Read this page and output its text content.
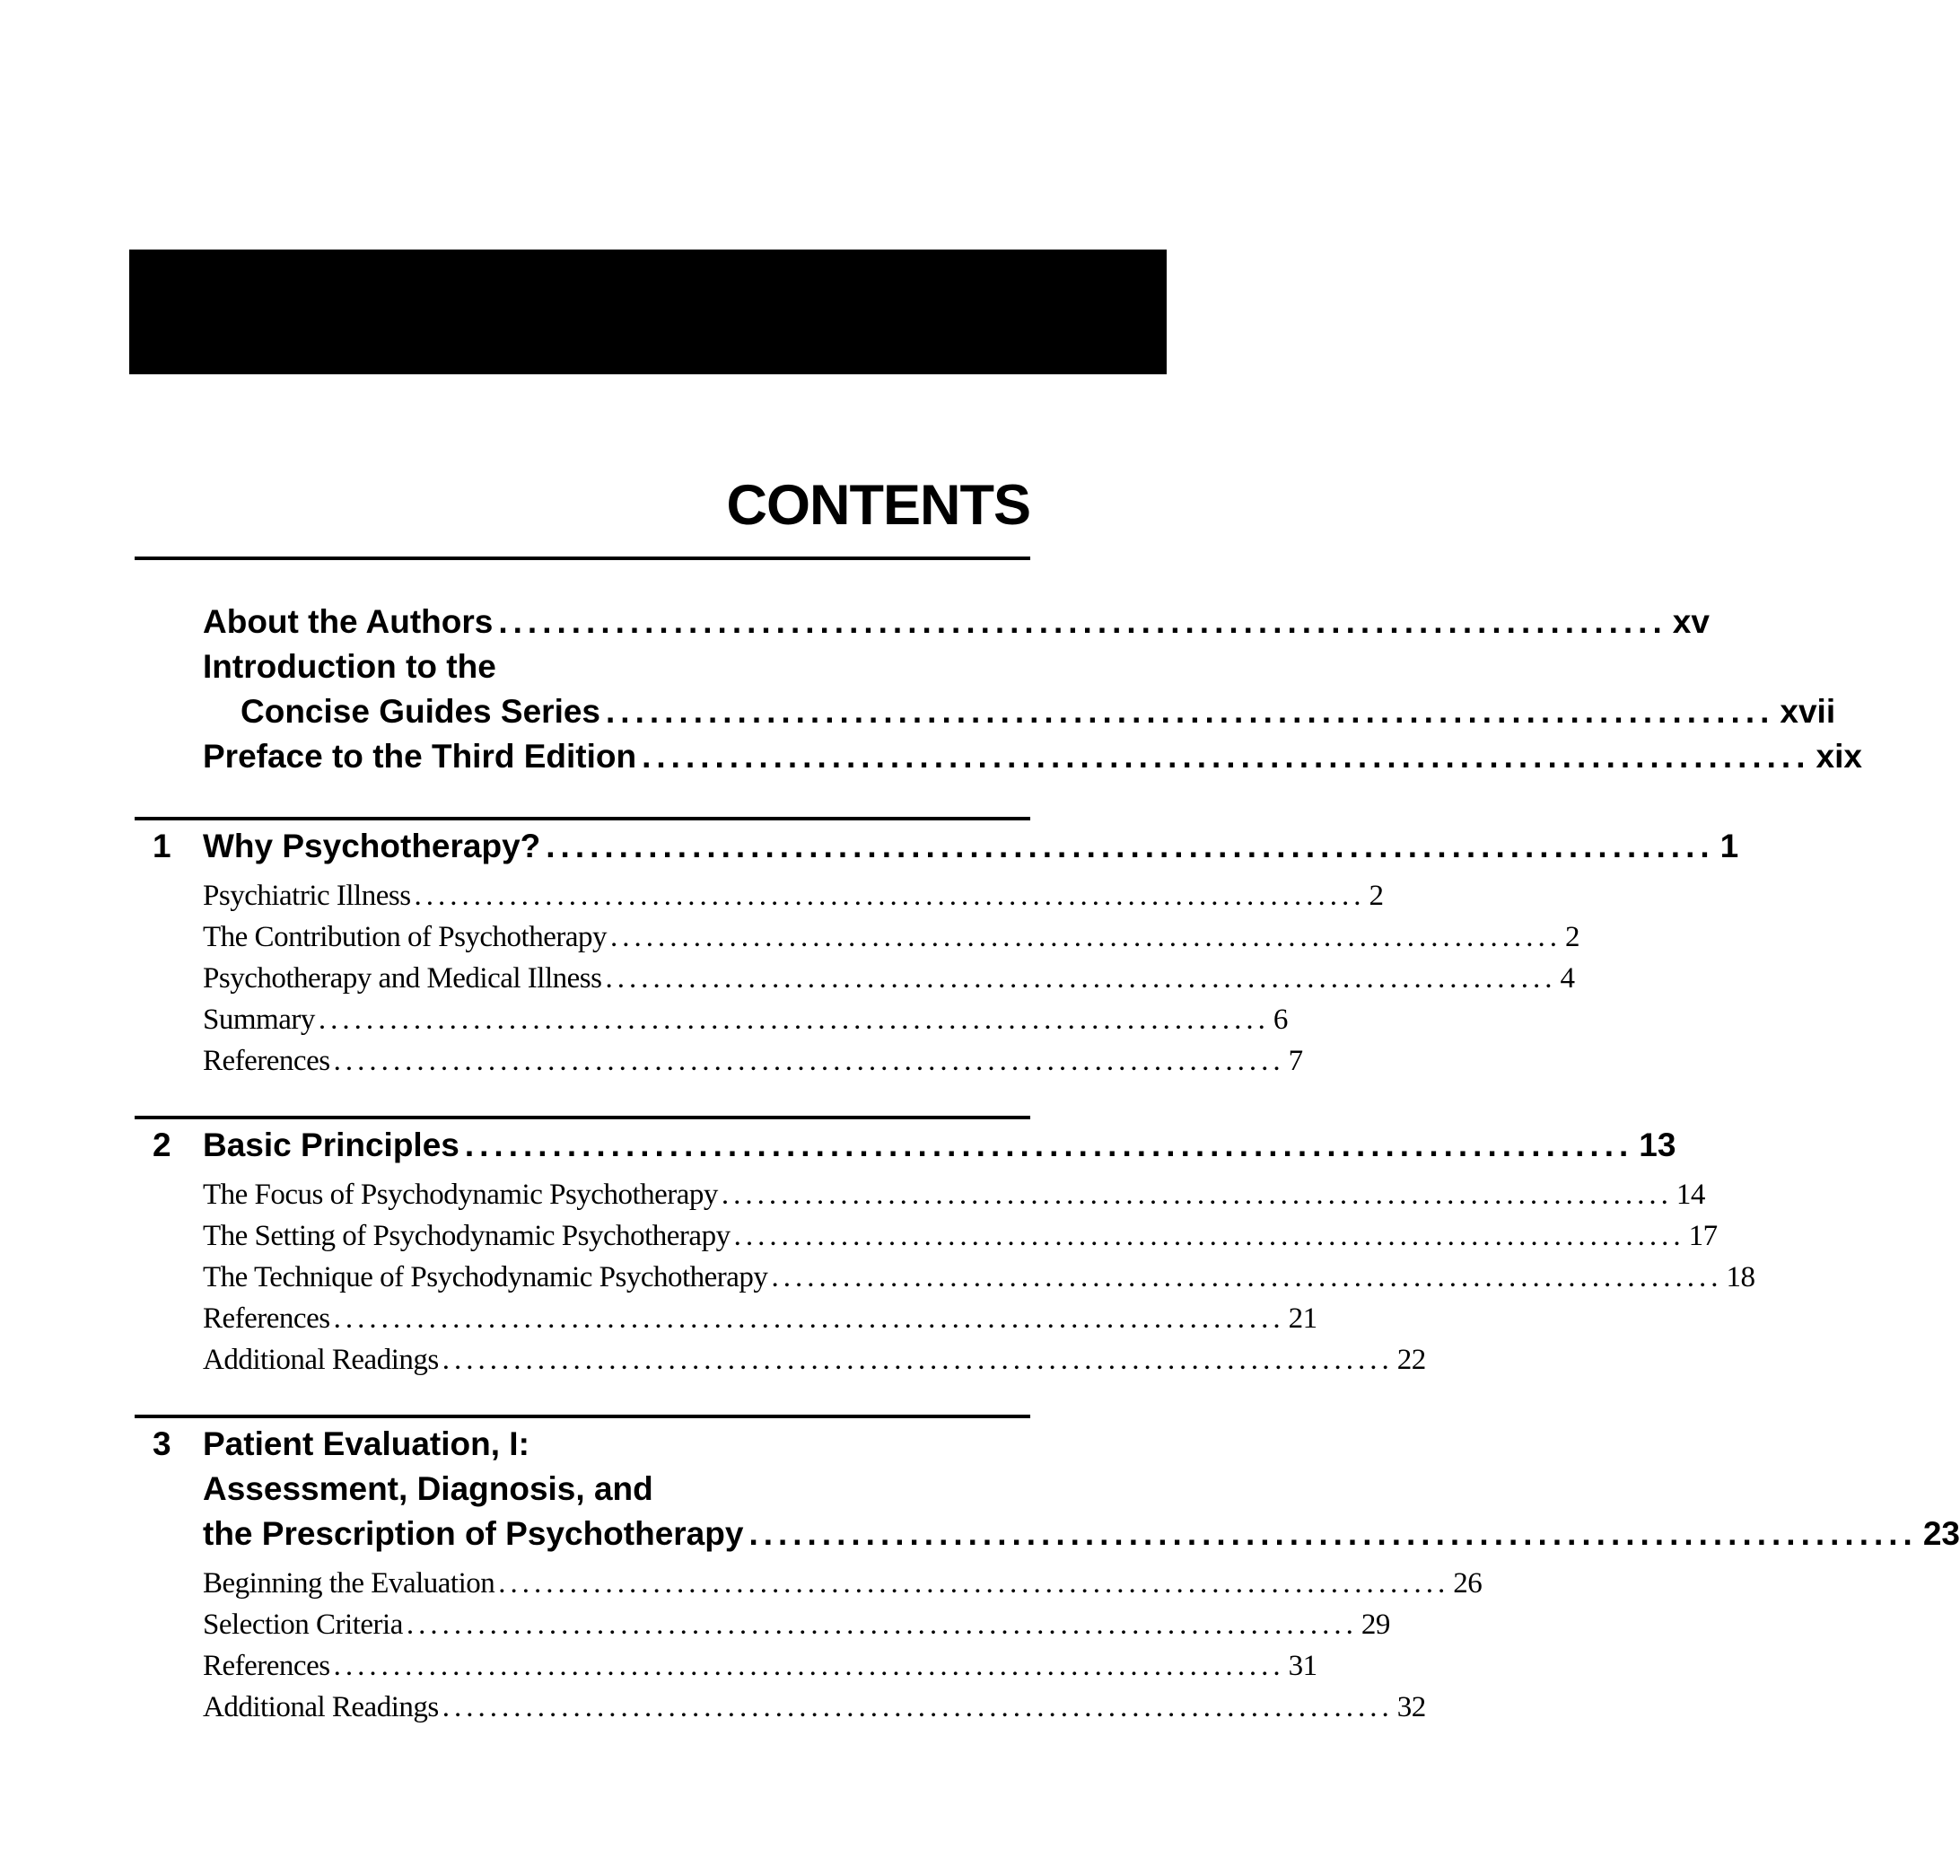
CONTENTS
About the Authors ................................................................................ xv
Introduction to the
Concise Guides Series ................................................................................ xvii
Preface to the Third Edition ................................................................................ xix
1 Why Psychotherapy? ................................................................................ 1
Psychiatric Illness ................................................................................ 2
The Contribution of Psychotherapy ................................................................................ 2
Psychotherapy and Medical Illness ................................................................................ 4
Summary ................................................................................ 6
References ................................................................................ 7
2 Basic Principles ................................................................................ 13
The Focus of Psychodynamic Psychotherapy ................................................................................ 14
The Setting of Psychodynamic Psychotherapy ................................................................................ 17
The Technique of Psychodynamic Psychotherapy ................................................................................ 18
References ................................................................................ 21
Additional Readings ................................................................................ 22
3 Patient Evaluation, I:
Assessment, Diagnosis, and
the Prescription of Psychotherapy ................................................................................ 23
Beginning the Evaluation ................................................................................ 26
Selection Criteria ................................................................................ 29
References ................................................................................ 31
Additional Readings ................................................................................ 32
